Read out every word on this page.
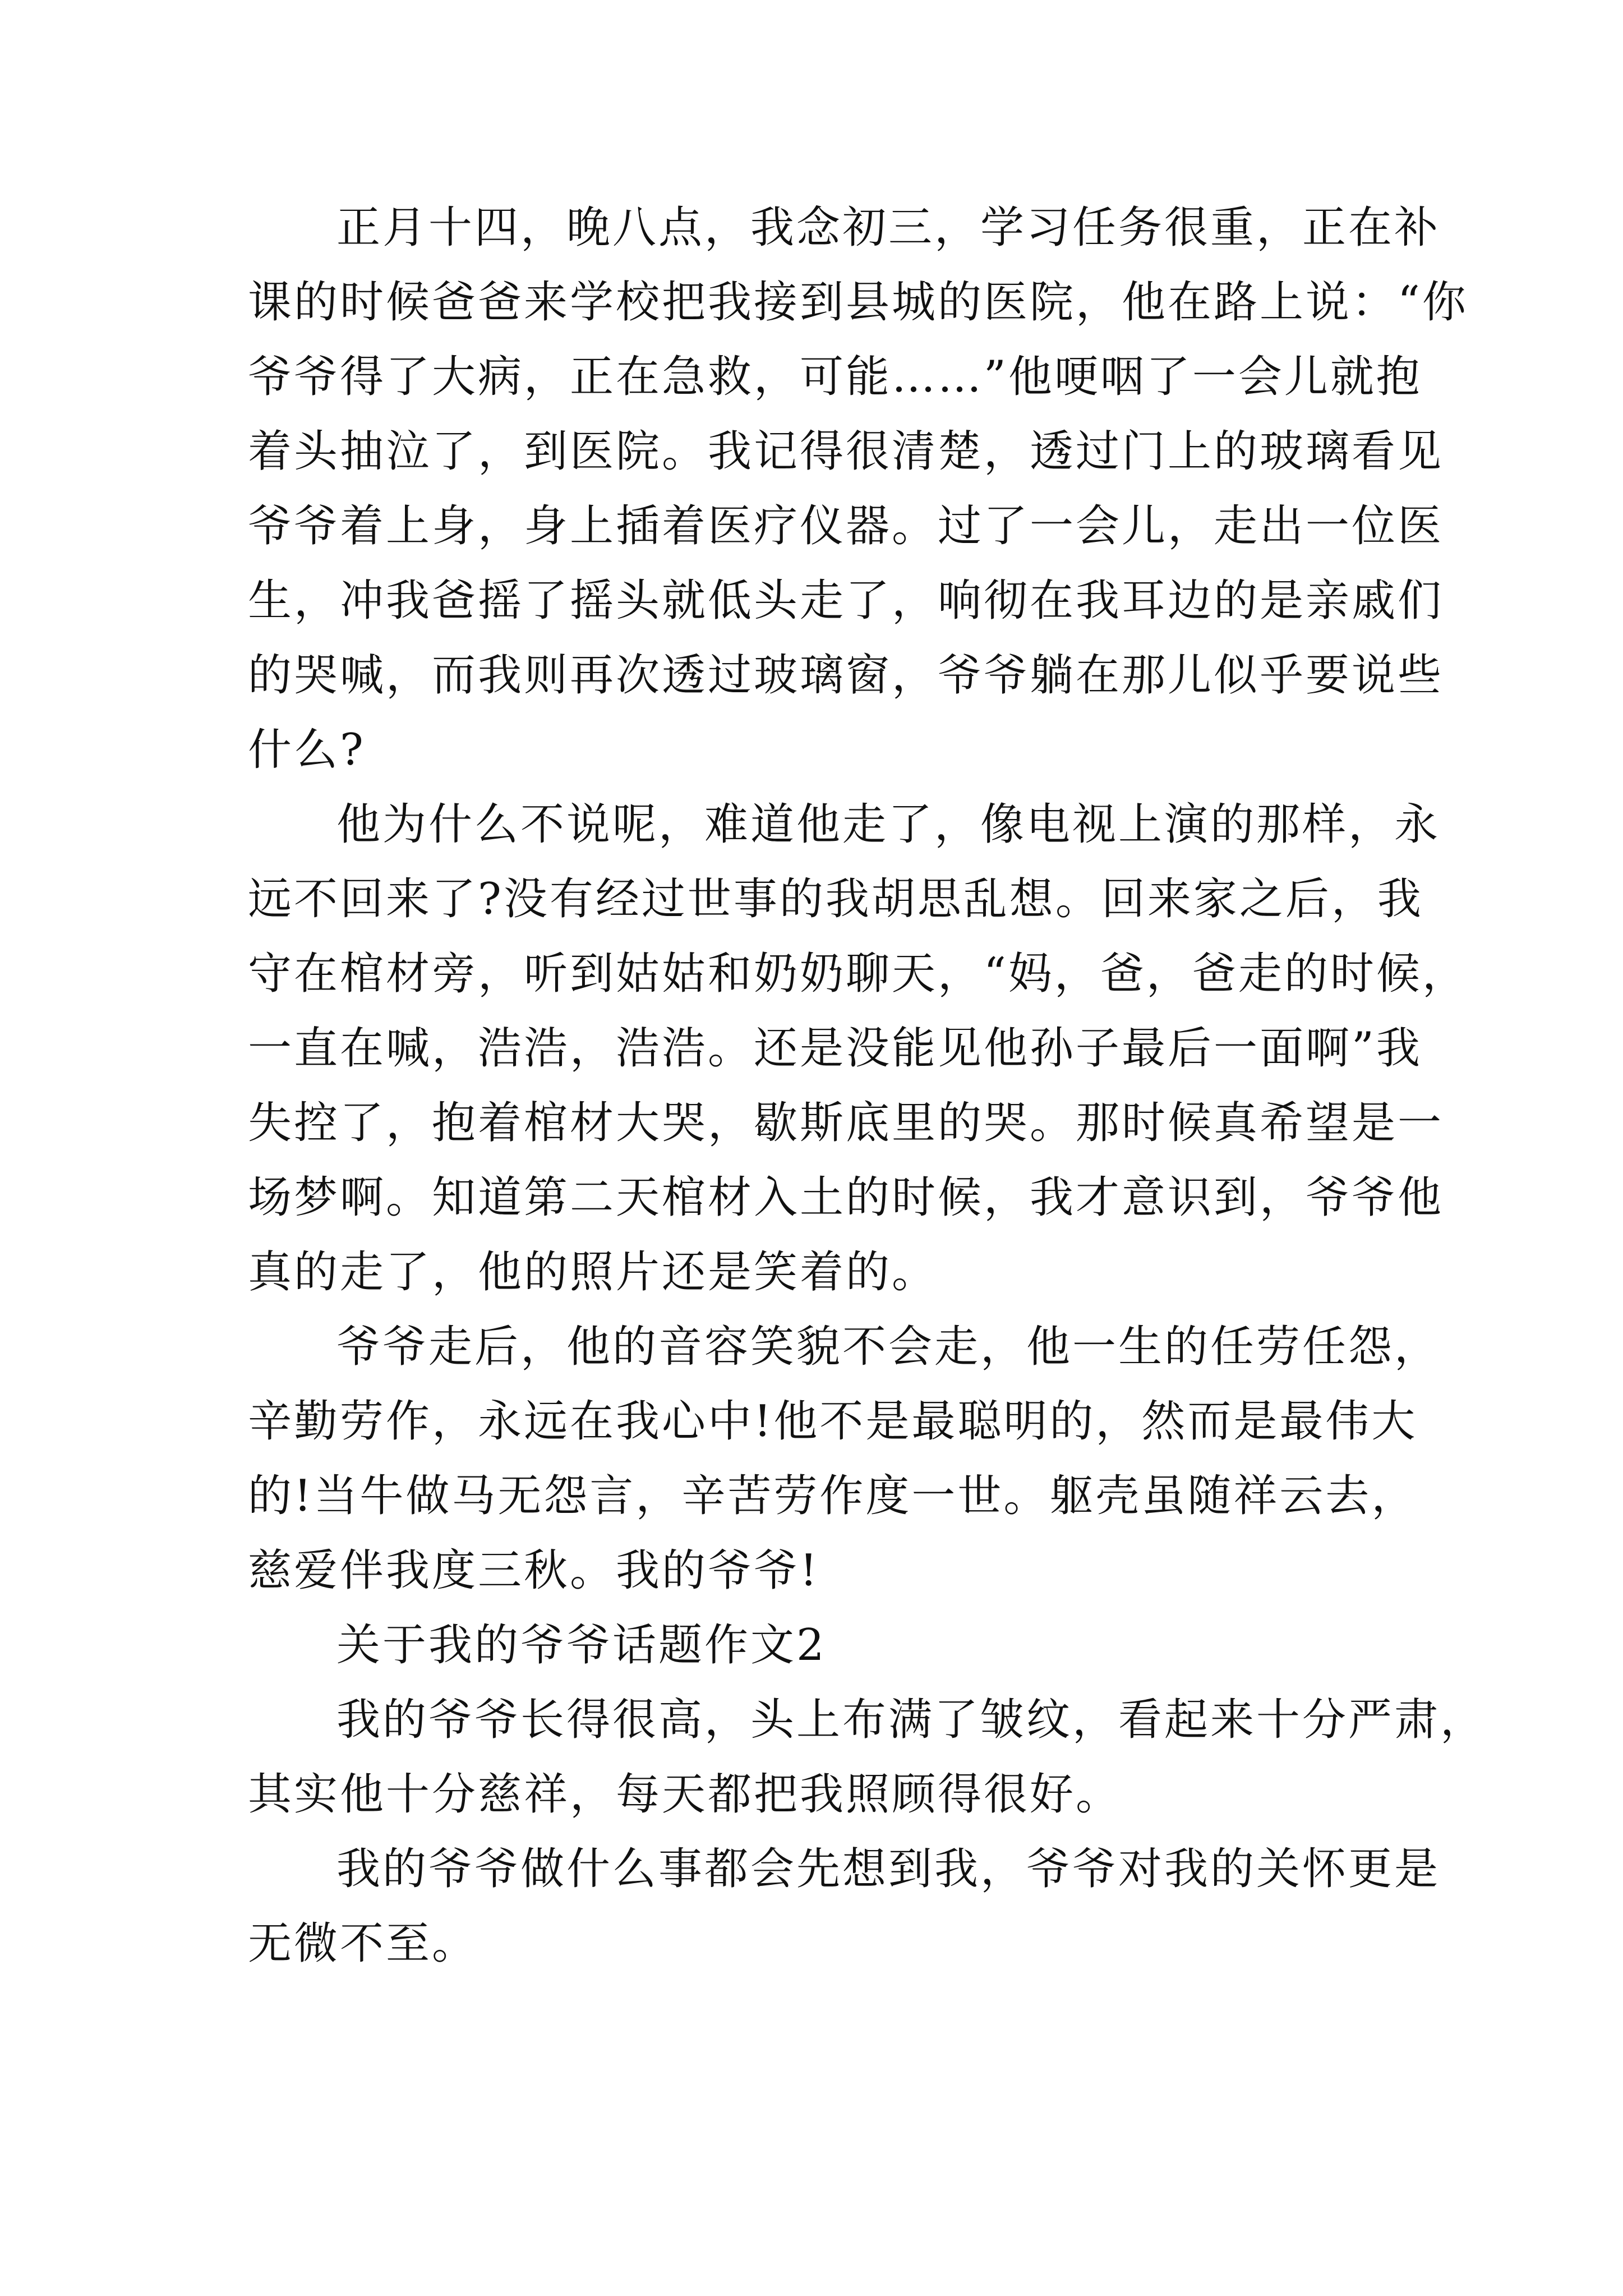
正月十四，晚八点，我念初三，学习任务很重，正在补
课的时候爸爸来学校把我接到县城的医院，他在路上说：“你
爷爷得了大病，正在急救，可能……”他哽咽了一会儿就抱
着头抽泣了，到医院。我记得很清楚，透过门上的玻璃看见
爷爷着上身，身上插着医疗仪器。过了一会儿，走出一位医
生，冲我爸摇了摇头就低头走了，响彻在我耳边的是亲戚们
的哭喊，而我则再次透过玻璃窗，爷爷躺在那儿似乎要说些
什么?
他为什么不说呢，难道他走了，像电视上演的那样，永
远不回来了?没有经过世事的我胡思乱想。回来家之后，我
守在棺材旁，听到姑姑和奶奶聊天，“妈，爸，爸走的时候，
一直在喊，浩浩，浩浩。还是没能见他孙子最后一面啊”我
失控了，抱着棺材大哭，歇斯底里的哭。那时候真希望是一
场梦啊。知道第二天棺材入土的时候，我才意识到，爷爷他
真的走了，他的照片还是笑着的。
爷爷走后，他的音容笑貌不会走，他一生的任劳任怨，
辛勤劳作，永远在我心中!他不是最聪明的，然而是最伟大
的!当牛做马无怨言，辛苦劳作度一世。躯壳虽随祥云去，
慈爱伴我度三秋。我的爷爷!
关于我的爷爷话题作文2
我的爷爷长得很高，头上布满了皱纹，看起来十分严肃，
其实他十分慈祥，每天都把我照顾得很好。
我的爷爷做什么事都会先想到我，爷爷对我的关怀更是
无微不至。
